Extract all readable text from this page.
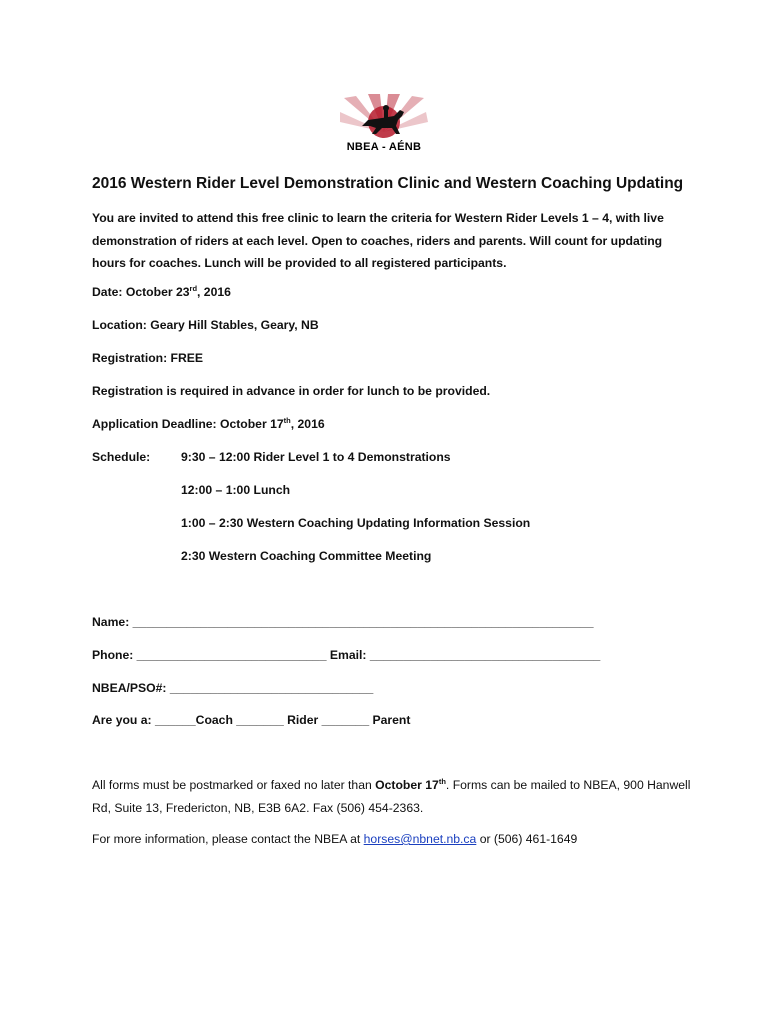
NBEA - AÉNB
2016 Western Rider Level Demonstration Clinic and Western Coaching Updating
You are invited to attend this free clinic to learn the criteria for Western Rider Levels 1 – 4, with live demonstration of riders at each level. Open to coaches, riders and parents. Will count for updating hours for coaches. Lunch will be provided to all registered participants.
Date: October 23rd, 2016
Location: Geary Hill Stables, Geary, NB
Registration: FREE
Registration is required in advance in order for lunch to be provided.
Application Deadline: October 17th, 2016
Schedule:	9:30 – 12:00 Rider Level 1 to 4 Demonstrations
12:00 – 1:00 Lunch
1:00 – 2:30 Western Coaching Updating Information Session
2:30 Western Coaching Committee Meeting
Name: ____________________________________________________________________
Phone: ____________________________ Email: __________________________________
NBEA/PSO#: ______________________________
Are you a: ______Coach _______ Rider _______ Parent
All forms must be postmarked or faxed no later than October 17th. Forms can be mailed to NBEA, 900 Hanwell Rd, Suite 13, Fredericton, NB, E3B 6A2. Fax (506) 454-2363.
For more information, please contact the NBEA at horses@nbnet.nb.ca or (506) 461-1649
